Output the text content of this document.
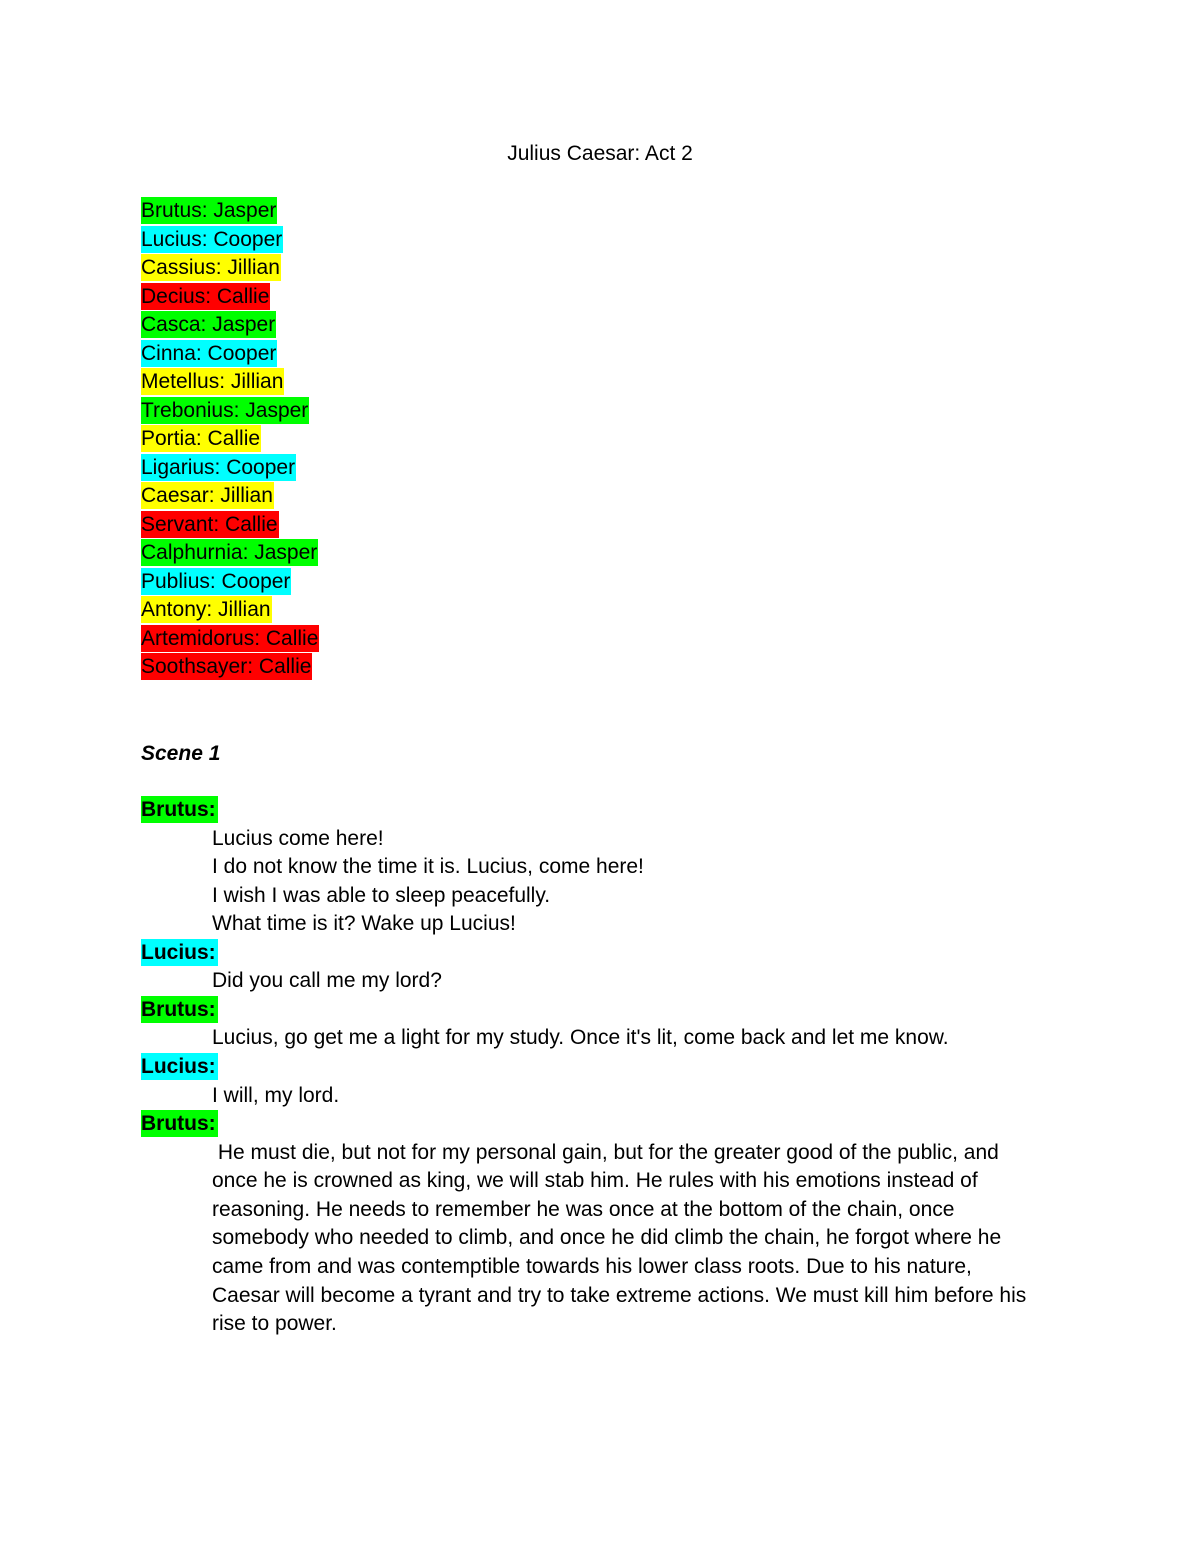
Julius Caesar: Act 2
Brutus: Jasper
Lucius: Cooper
Cassius: Jillian
Decius: Callie
Casca: Jasper
Cinna: Cooper
Metellus: Jillian
Trebonius: Jasper
Portia: Callie
Ligarius: Cooper
Caesar: Jillian
Servant: Callie
Calphurnia: Jasper
Publius: Cooper
Antony: Jillian
Artemidorus: Callie
Soothsayer: Callie
Scene 1
Brutus:
Lucius come here!
I do not know the time it is. Lucius, come here!
I wish I was able to sleep peacefully.
What time is it? Wake up Lucius!
Lucius:
Did you call me my lord?
Brutus:
Lucius, go get me a light for my study. Once it's lit, come back and let me know.
Lucius:
I will, my lord.
Brutus:
He must die, but not for my personal gain, but for the greater good of the public, and
once he is crowned as king, we will stab him. He rules with his emotions instead of
reasoning. He needs to remember he was once at the bottom of the chain, once
somebody who needed to climb, and once he did climb the chain, he forgot where he
came from and was contemptible towards his lower class roots. Due to his nature,
Caesar will become a tyrant and try to take extreme actions. We must kill him before his
rise to power.
